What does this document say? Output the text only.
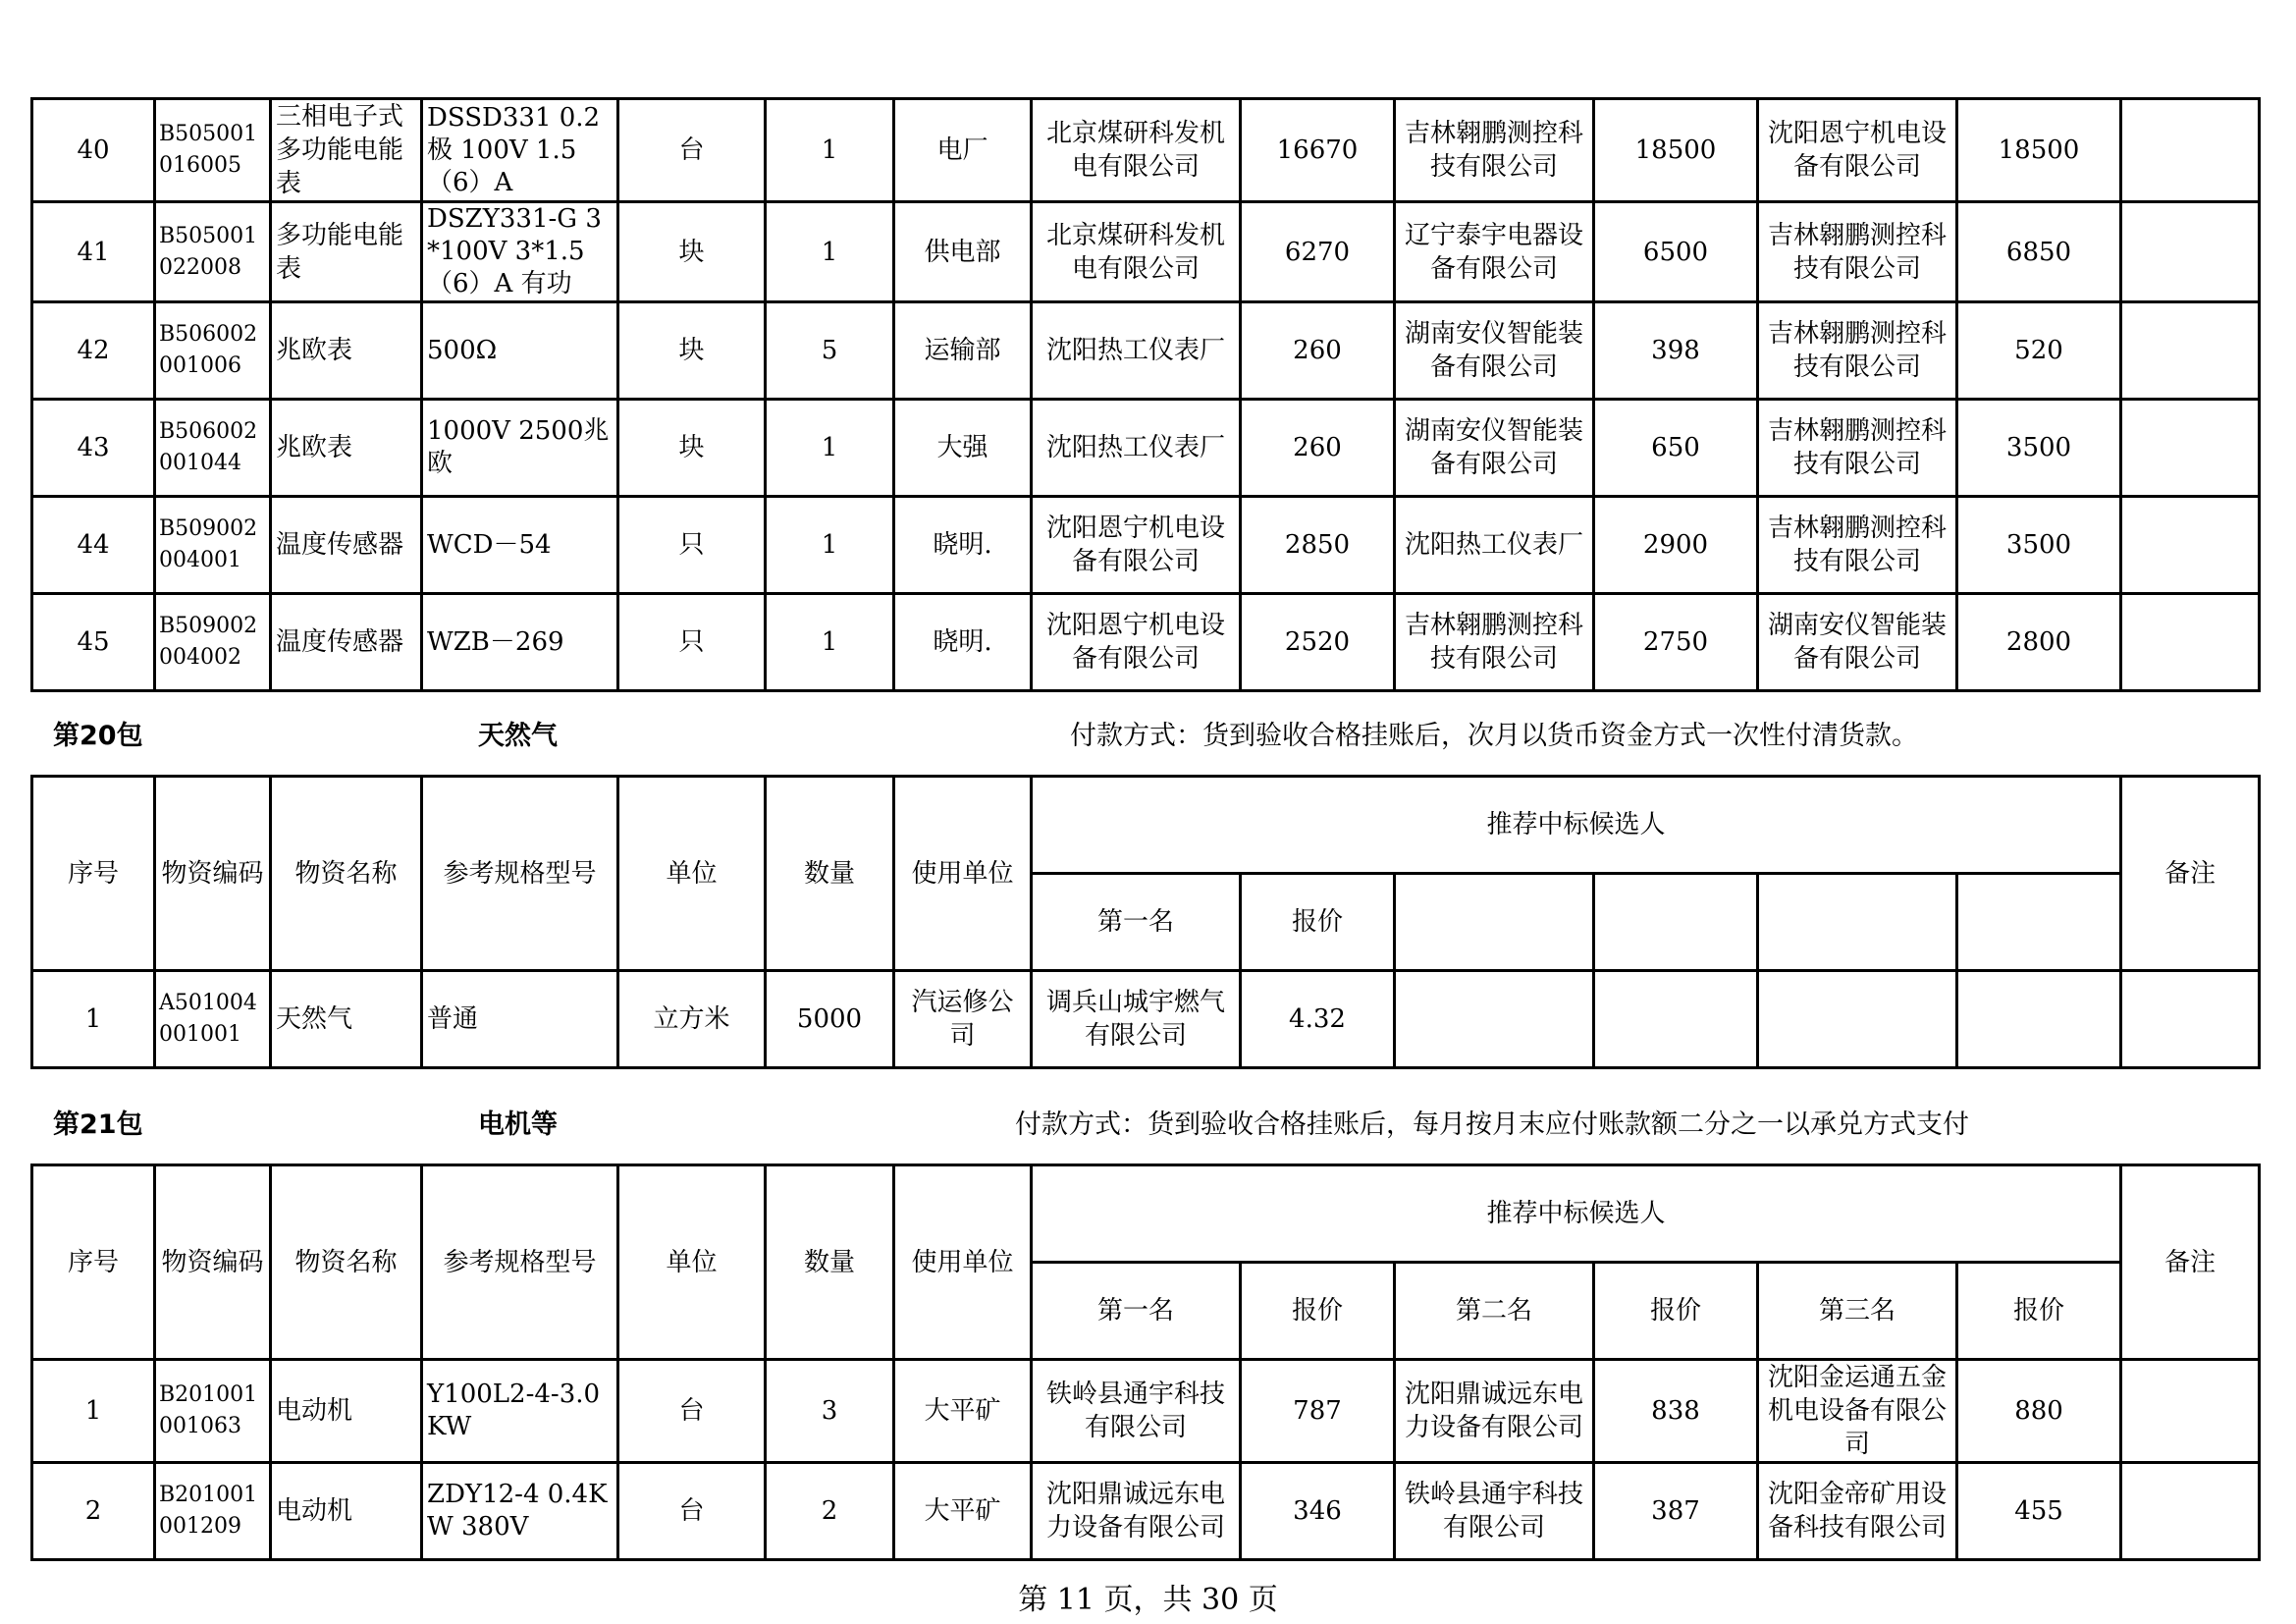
40	B505001016005	三相电子式多功能电能表	DSSD331 0.2极 100V 1.5（6）A	台	1	电厂	北京煤研科发机电有限公司	16670	吉林翱鹏测控科技有限公司	18500	沈阳恩宁机电设备有限公司	18500	
41	B505001022008	多功能电能表	DSZY331-G 3*100V 3*1.5（6）A 有功	块	1	供电部	北京煤研科发机电有限公司	6270	辽宁泰宇电器设备有限公司	6500	吉林翱鹏测控科技有限公司	6850	
42	B506002001006	兆欧表	500Ω	块	5	运输部	沈阳热工仪表厂	260	湖南安仪智能装备有限公司	398	吉林翱鹏测控科技有限公司	520	
43	B506002001044	兆欧表	1000V 2500兆欧	块	1	大强	沈阳热工仪表厂	260	湖南安仪智能装备有限公司	650	吉林翱鹏测控科技有限公司	3500	
44	B509002004001	温度传感器	WCD－54	只	1	晓明.	沈阳恩宁机电设备有限公司	2850	沈阳热工仪表厂	2900	吉林翱鹏测控科技有限公司	3500	
45	B509002004002	温度传感器	WZB－269	只	1	晓明.	沈阳恩宁机电设备有限公司	2520	吉林翱鹏测控科技有限公司	2750	湖南安仪智能装备有限公司	2800	
第20包	天然气	付款方式：货到验收合格挂账后，次月以货币资金方式一次性付清货款。
序号	物资编码	物资名称	参考规格型号	单位	数量	使用单位	推荐中标候选人						备注
							第一名	报价					
1	A501004001001	天然气	普通	立方米	5000	汽运修公司	调兵山城宇燃气有限公司	4.32					
第21包	电机等	付款方式：货到验收合格挂账后，每月按月末应付账款额二分之一以承兑方式支付
序号	物资编码	物资名称	参考规格型号	单位	数量	使用单位	推荐中标候选人						备注
							第一名	报价	第二名	报价	第三名	报价	
1	B201001001063	电动机	Y100L2-4-3.0KW	台	3	大平矿	铁岭县通宇科技有限公司	787	沈阳鼎诚远东电力设备有限公司	838	沈阳金运通五金机电设备有限公司	880	
2	B201001001209	电动机	ZDY12-4 0.4KW 380V	台	2	大平矿	沈阳鼎诚远东电力设备有限公司	346	铁岭县通宇科技有限公司	387	沈阳金帝矿用设备科技有限公司	455	
第 11 页，共 30 页
